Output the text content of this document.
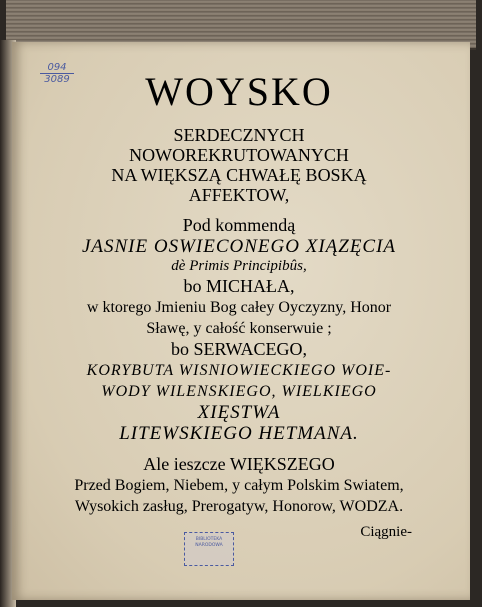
094
3089	WOYSKO
SERDECZNYCH
NOWOREKRUTOWANYCH
NA WIĘKSZĄ CHWAŁĘ BOSKĄ
AFFEKTOW,
Pod kommendą
JASNIE OSWIECONEGO XIĄZĘCIA
dè Primis Principibûs,
bo MICHAŁA,
w ktorego Jmieniu Bog całey Oyczyzny, Honor
Sławę, y całość konserwuie ;
bo SERWACEGO,
KORYBUTA WISNIOWIECKIEGO WOIE-
WODY WILENSKIEGO, WIELKIEGO
XIĘSTWA
LITEWSKIEGO HETMANA.
Ale ieszcze WIĘKSZEGO
Przed Bogiem, Niebem, y całym Polskim Swiatem,
Wysokich zasług, Prerogatyw, Honorow, WODZA.
Ciągnie-
BIBLIOTEKA NARODOWA
